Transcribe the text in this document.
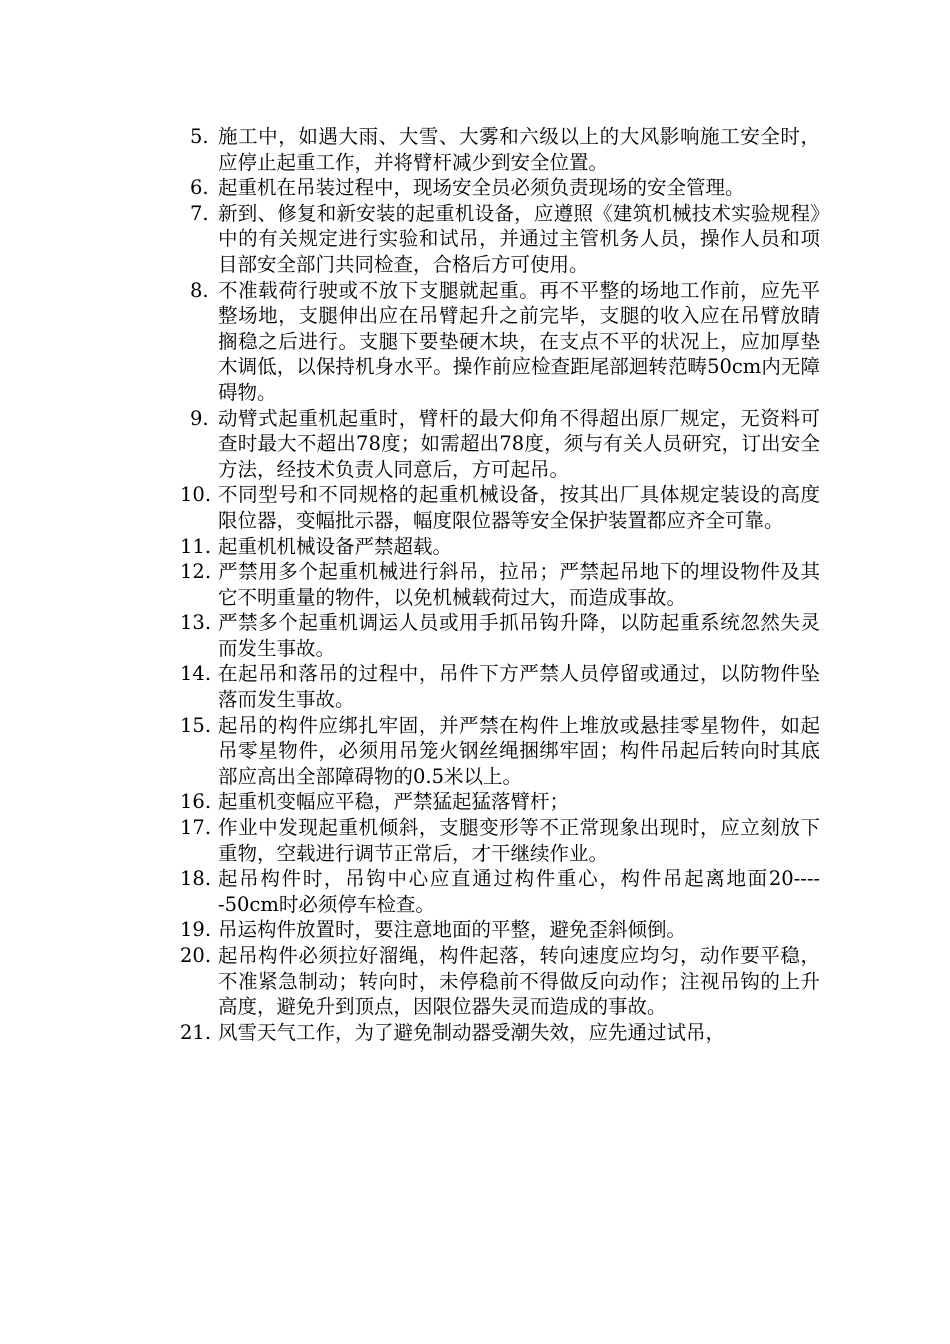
5. 施工中，如遇大雨、大雪、大雾和六级以上的大风影响施工安全时，应停止起重工作，并将臂杆减少到安全位置。
6. 起重机在吊装过程中，现场安全员必须负责现场的安全管理。
7. 新到、修复和新安装的起重机设备，应遵照《建筑机械技术实验规程》中的有关规定进行实验和试吊，并通过主管机务人员，操作人员和项目部安全部门共同检查，合格后方可使用。
8. 不准载荷行驶或不放下支腿就起重。再不平整的场地工作前，应先平整场地，支腿伸出应在吊臂起升之前完毕，支腿的收入应在吊臂放睛搁稳之后进行。支腿下要垫硬木块，在支点不平的状况上，应加厚垫木调低，以保持机身水平。操作前应检查距尾部迴转范畴50cm内无障碍物。
9. 动臂式起重机起重时，臂杆的最大仰角不得超出原厂规定，无资料可查时最大不超出78度；如需超出78度，须与有关人员研究，订出安全方法，经技术负责人同意后，方可起吊。
10. 不同型号和不同规格的起重机械设备，按其出厂具体规定装设的高度限位器，变幅批示器，幅度限位器等安全保护装置都应齐全可靠。
11. 起重机机械设备严禁超载。
12. 严禁用多个起重机械进行斜吊，拉吊；严禁起吊地下的埋设物件及其它不明重量的物件，以免机械载荷过大，而造成事故。
13. 严禁多个起重机调运人员或用手抓吊钩升降，以防起重系统忽然失灵而发生事故。
14. 在起吊和落吊的过程中，吊件下方严禁人员停留或通过，以防物件坠落而发生事故。
15. 起吊的构件应绑扎牢固，并严禁在构件上堆放或悬挂零星物件，如起吊零星物件，必须用吊笼火钢丝绳捆绑牢固；构件吊起后转向时其底部应高出全部障碍物的0.5米以上。
16. 起重机变幅应平稳，严禁猛起猛落臂杆；
17. 作业中发现起重机倾斜，支腿变形等不正常现象出现时，应立刻放下重物，空载进行调节正常后，才干继续作业。
18. 起吊构件时，吊钩中心应直通过构件重心，构件吊起离地面20-----50cm时必须停车检查。
19. 吊运构件放置时，要注意地面的平整，避免歪斜倾倒。
20. 起吊构件必须拉好溜绳，构件起落，转向速度应均匀，动作要平稳，不准紧急制动；转向时，未停稳前不得做反向动作；注视吊钩的上升高度，避免升到顶点，因限位器失灵而造成的事故。
21. 风雪天气工作，为了避免制动器受潮失效，应先通过试吊，
